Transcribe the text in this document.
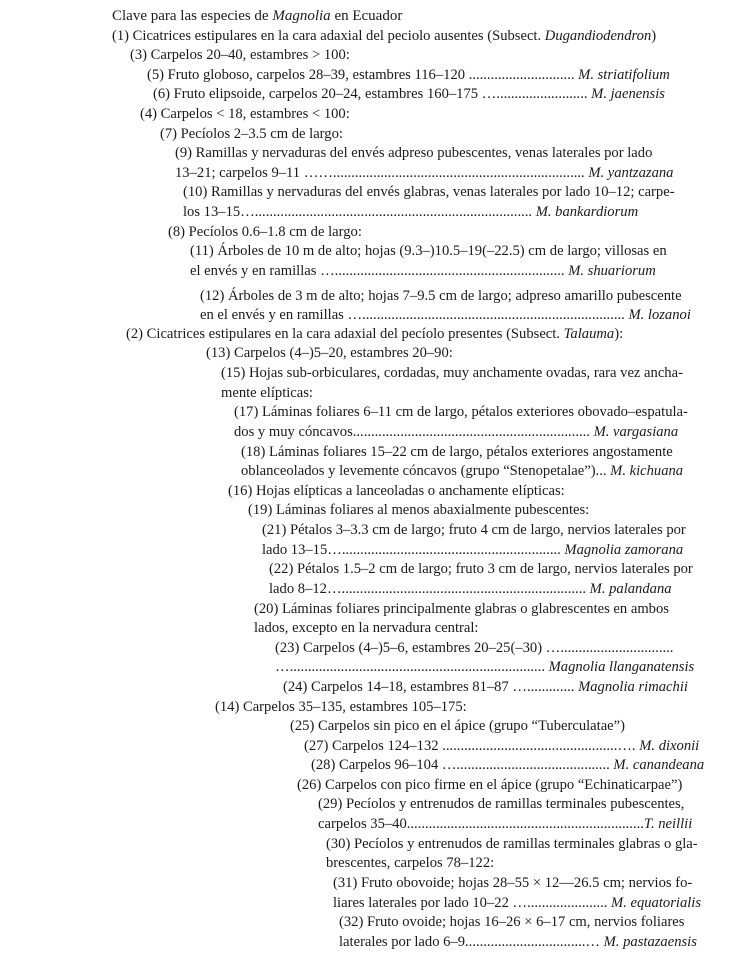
Clave para las especies de Magnolia en Ecuador
(1) Cicatrices estipulares en la cara adaxial del peciolo ausentes (Subsect. Dugandiodendron)
(3) Carpelos 20–40, estambres > 100:
(5) Fruto globoso, carpelos 28–39, estambres 116–120 ............................. M. striatifolium
(6) Fruto elipsoide, carpelos 20–24, estambres 160–175 …......................... M. jaenensis
(4) Carpelos < 18, estambres < 100:
(7) Pecíolos 2–3.5 cm de largo:
(9) Ramillas y nervaduras del envés adpreso pubescentes, venas laterales por lado
13–21; carpelos 9–11 ……..................................................................... M. yantzazana
(10) Ramillas y nervaduras del envés glabras, venas laterales por lado 10–12; carpe-
los 13–15…............................................................................ M. bankardiorum
(8) Pecíolos 0.6–1.8 cm de largo:
(11) Árboles de 10 m de alto; hojas (9.3–)10.5–19(–22.5) cm de largo; villosas en
el envés y en ramillas …............................................................... M. shuariorum
(12) Árboles de 3 m de alto; hojas 7–9.5 cm de largo; adpreso amarillo pubescente
en el envés y en ramillas …........................................................................ M. lozanoi
(2) Cicatrices estipulares en la cara adaxial del pecíolo presentes (Subsect. Talauma):
(13) Carpelos (4–)5–20, estambres 20–90:
(15) Hojas sub-orbiculares, cordadas, muy anchamente ovadas, rara vez ancha-
mente elípticas:
(17) Láminas foliares 6–11 cm de largo, pétalos exteriores obovado–espatula-
dos y muy cóncavos................................................................. M. vargasiana
(18) Láminas foliares 15–22 cm de largo, pétalos exteriores angostamente
oblanceolados y levemente cóncavos (grupo “Stenopetalae”)... M. kichuana
(16) Hojas elípticas a lanceoladas o anchamente elípticas:
(19) Láminas foliares al menos abaxialmente pubescentes:
(21) Pétalos 3–3.3 cm de largo; fruto 4 cm de largo, nervios laterales por
lado 13–15…............................................................ Magnolia zamorana
(22) Pétalos 1.5–2 cm de largo; fruto 3 cm de largo, nervios laterales por
lado 8–12…................................................................... M. palandana
(20) Láminas foliares principalmente glabras o glabrescentes en ambos
lados, excepto en la nervadura central:
(23) Carpelos (4–)5–6, estambres 20–25(–30) …...............................
…...................................................................... Magnolia llanganatensis
(24) Carpelos 14–18, estambres 81–87 …............. Magnolia rimachii
(14) Carpelos 35–135, estambres 105–175:
(25) Carpelos sin pico en el ápice (grupo “Tuberculatae”)
(27) Carpelos 124–132 ................................................…. M. dixonii
(28) Carpelos 96–104 ….......................................... M. canandeana
(26) Carpelos con pico firme en el ápice (grupo “Echinaticarpae”)
(29) Pecíolos y entrenudos de ramillas terminales pubescentes,
carpelos 35–40.................................................................T. neillii
(30) Pecíolos y entrenudos de ramillas terminales glabras o gla-
brescentes, carpelos 78–122:
(31) Fruto obovoide; hojas 28–55 × 12—26.5 cm; nervios fo-
liares laterales por lado 10–22 …...................... M. equatorialis
(32) Fruto ovoide; hojas 16–26 × 6–17 cm, nervios foliares
laterales por lado 6–9.................................… M. pastazaensis
